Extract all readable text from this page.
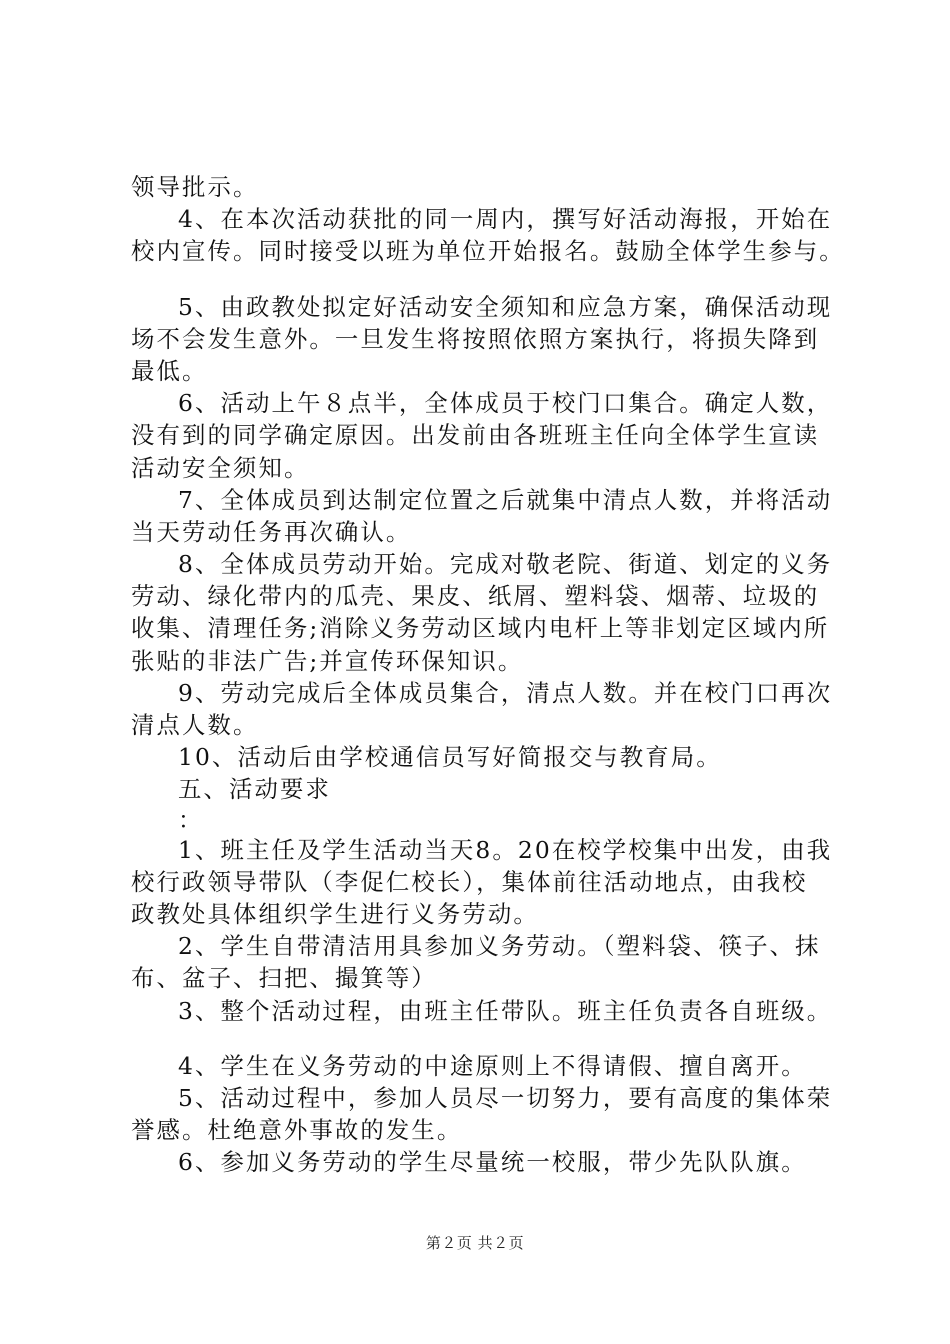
领导批示。
4、在本次活动获批的同一周内，撰写好活动海报，开始在
校内宣传。同时接受以班为单位开始报名。鼓励全体学生参与。
5、由政教处拟定好活动安全须知和应急方案，确保活动现
场不会发生意外。一旦发生将按照依照方案执行，将损失降到
最低。
6、活动上午８点半，全体成员于校门口集合。确定人数，
没有到的同学确定原因。出发前由各班班主任向全体学生宣读
活动安全须知。
7、全体成员到达制定位置之后就集中清点人数，并将活动
当天劳动任务再次确认。
8、全体成员劳动开始。完成对敬老院、街道、划定的义务
劳动、绿化带内的瓜壳、果皮、纸屑、塑料袋、烟蒂、垃圾的
收集、清理任务;消除义务劳动区域内电杆上等非划定区域内所
张贴的非法广告;并宣传环保知识。
9、劳动完成后全体成员集合，清点人数。并在校门口再次
清点人数。
10、活动后由学校通信员写好简报交与教育局。
五、活动要求
：
1、班主任及学生活动当天8。20在校学校集中出发，由我
校行政领导带队（李促仁校长），集体前往活动地点，由我校
政教处具体组织学生进行义务劳动。
2、学生自带清洁用具参加义务劳动。（塑料袋、筷子、抹
布、盆子、扫把、撮箕等）
3、整个活动过程，由班主任带队。班主任负责各自班级。
4、学生在义务劳动的中途原则上不得请假、擅自离开。
5、活动过程中，参加人员尽一切努力，要有高度的集体荣
誉感。杜绝意外事故的发生。
6、参加义务劳动的学生尽量统一校服，带少先队队旗。
第２页 共２页
